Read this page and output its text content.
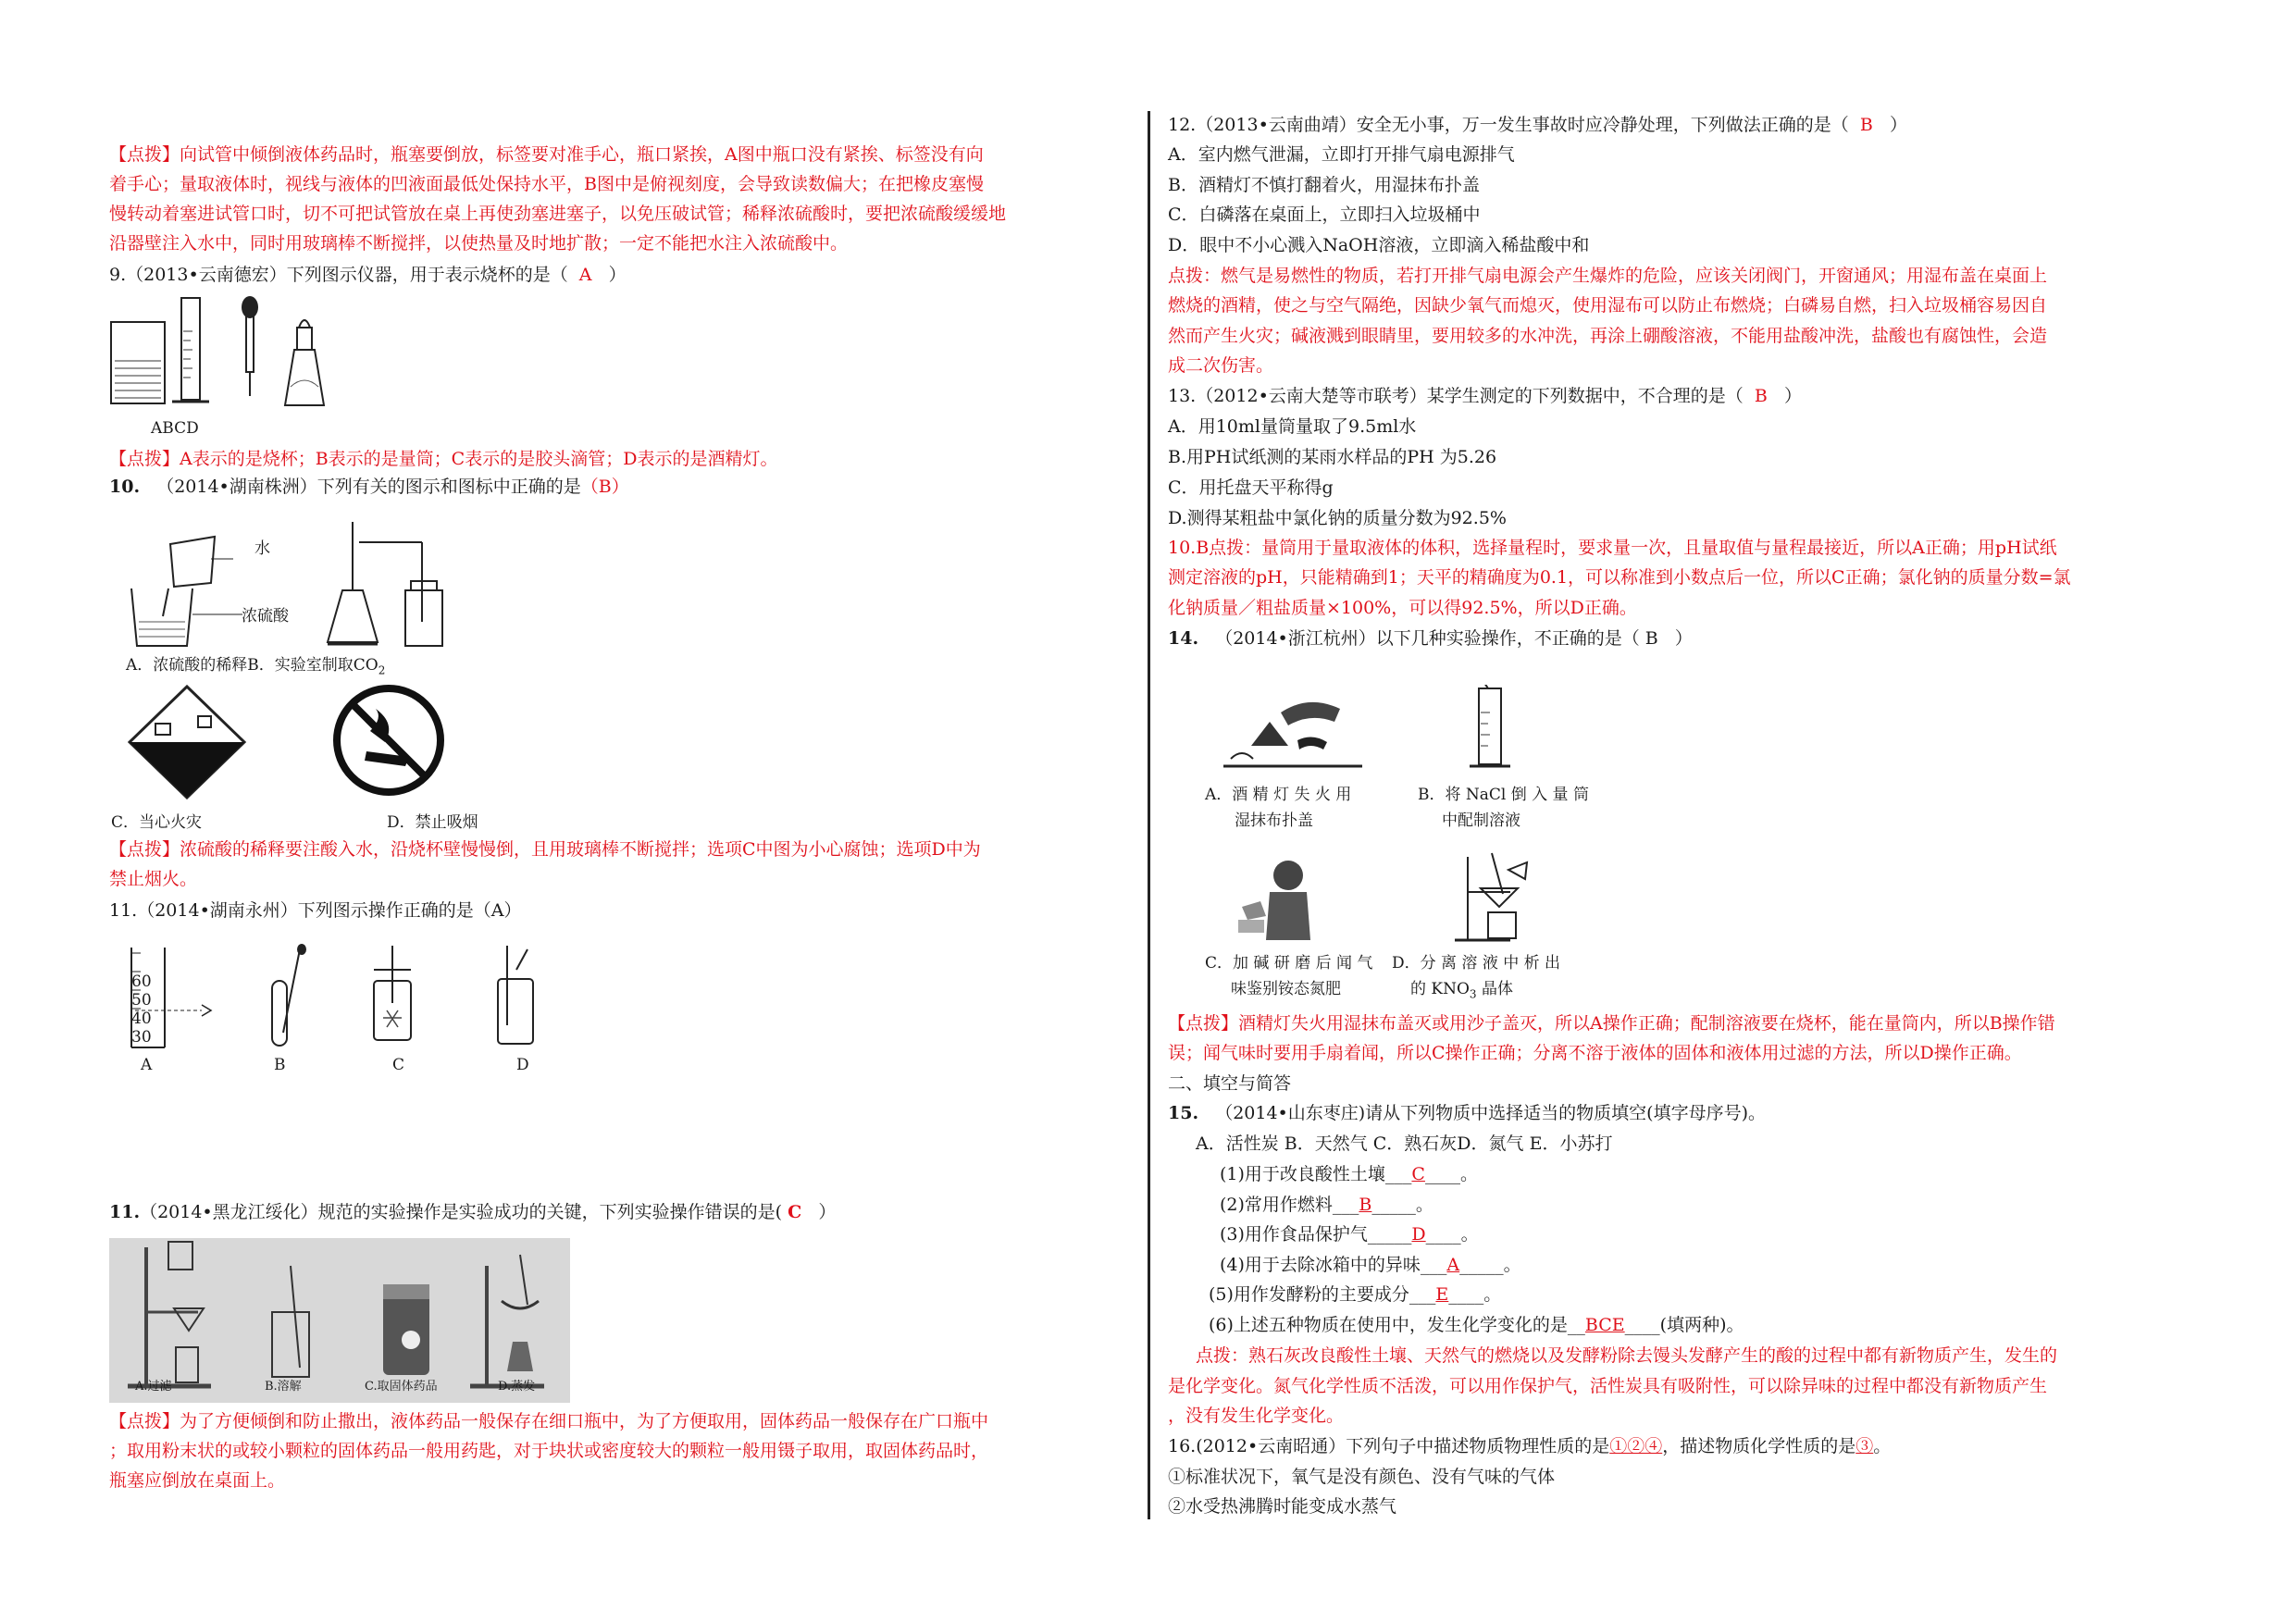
【点拨】向试管中倾倒液体药品时，瓶塞要倒放，标签要对准手心，瓶口紧挨，A图中瓶口没有紧挨、标签没有向
着手心；量取液体时，视线与液体的凹液面最低处保持水平，B图中是俯视刻度，会导致读数偏大；在把橡皮塞慢
慢转动着塞进试管口时，切不可把试管放在桌上再使劲塞进塞子，以免压破试管；稀释浓硫酸时，要把浓硫酸缓缓地
沿器壁注入水中，同时用玻璃棒不断搅拌，以使热量及时地扩散；一定不能把水注入浓硫酸中。
9.（2013•云南德宏）下列图示仪器，用于表示烧杯的是（ A ）
ABCD
【点拨】A表示的是烧杯；B表示的是量筒；C表示的是胶头滴管；D表示的是酒精灯。
10. （2014•湖南株洲）下列有关的图示和图标中正确的是（B）
水
浓硫酸
A．浓硫酸的稀释B．实验室制取$CO_2$
C．当心火灾	D．禁止吸烟
【点拨】浓硫酸的稀释要注酸入水，沿烧杯壁慢慢倒，且用玻璃棒不断搅拌；选项C中图为小心腐蚀；选项D中为
禁止烟火。
11.（2014•湖南永州）下列图示操作正确的是（A）
60
50
40
30
A	B	C	D
11.（2014•黑龙江绥化）规范的实验操作是实验成功的关键，下列实验操作错误的是( C ）
A.过滤	B.溶解	C.取固体药品	D.蒸发
【点拨】为了方便倾倒和防止撒出，液体药品一般保存在细口瓶中，为了方便取用，固体药品一般保存在广口瓶中
；取用粉末状的或较小颗粒的固体药品一般用药匙，对于块状或密度较大的颗粒一般用镊子取用，取固体药品时，
瓶塞应倒放在桌面上。
12.（2013•云南曲靖）安全无小事，万一发生事故时应冷静处理，下列做法正确的是（ B ）
A．室内燃气泄漏，立即打开排气扇电源排气
B．酒精灯不慎打翻着火，用湿抹布扑盖
C．白磷落在桌面上，立即扫入垃圾桶中
D．眼中不小心溅入NaOH溶液，立即滴入稀盐酸中和
点拨：燃气是易燃性的物质，若打开排气扇电源会产生爆炸的危险，应该关闭阀门，开窗通风；用湿布盖在桌面上
燃烧的酒精，使之与空气隔绝，因缺少氧气而熄灭，使用湿布可以防止布燃烧；白磷易自燃，扫入垃圾桶容易因自
然而产生火灾；碱液溅到眼睛里，要用较多的水冲洗，再涂上硼酸溶液，不能用盐酸冲洗，盐酸也有腐蚀性，会造
成二次伤害。
13.（2012•云南大楚等市联考）某学生测定的下列数据中，不合理的是（ B ）
A．用10ml量筒量取了9.5ml水
B.用PH试纸测的某雨水样品的PH 为5.26
C．用托盘天平称得g
D.测得某粗盐中氯化钠的质量分数为92.5%
10.B点拨：量筒用于量取液体的体积，选择量程时，要求量一次，且量取值与量程最接近，所以A正确；用pH试纸
测定溶液的pH，只能精确到1；天平的精确度为0.1，可以称准到小数点后一位，所以C正确；氯化钠的质量分数=氯
化钠质量／粗盐质量×100%，可以得92.5%，所以D正确。
14. （2014•浙江杭州）以下几种实验操作，不正确的是（ B ）
A．酒 精 灯 失 火 用
湿抹布扑盖
B．将 NaCl 倒 入 量 筒
中配制溶液
C．加 碱 研 磨 后 闻 气
味鉴别铵态氮肥
D．分 离 溶 液 中 析 出
的 $KNO_3$ 晶体
【点拨】酒精灯失火用湿抹布盖灭或用沙子盖灭，所以A操作正确；配制溶液要在烧杯，能在量筒内，所以B操作错
误；闻气味时要用手扇着闻，所以C操作正确；分离不溶于液体的固体和液体用过滤的方法，所以D操作正确。
二、填空与简答
15. （2014•山东枣庄)请从下列物质中选择适当的物质填空(填字母序号)。
A．活性炭 B．天然气 C．熟石灰D．氮气 E．小苏打
(1)用于改良酸性土壤___C____。
(2)常用作燃料___B_____。
(3)用作食品保护气_____D____。
(4)用于去除冰箱中的异味___A_____。
(5)用作发酵粉的主要成分___E____。
(6)上述五种物质在使用中，发生化学变化的是__BCE____(填两种)。
点拨：熟石灰改良酸性土壤、天然气的燃烧以及发酵粉除去馒头发酵产生的酸的过程中都有新物质产生，发生的
是化学变化。氮气化学性质不活泼，可以用作保护气，活性炭具有吸附性，可以除异味的过程中都没有新物质产生
，没有发生化学变化。
16.(2012•云南昭通）下列句子中描述物质物理性质的是①②④，描述物质化学性质的是③。
①标准状况下，氧气是没有颜色、没有气味的气体
②水受热沸腾时能变成水蒸气
